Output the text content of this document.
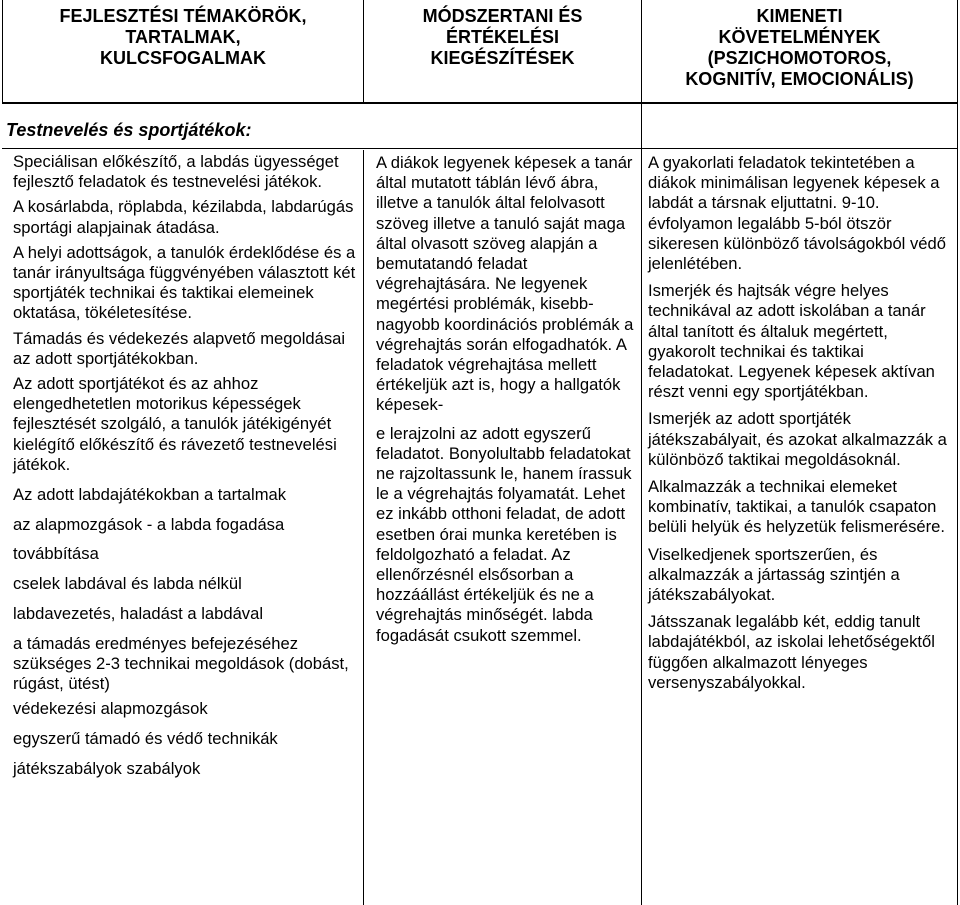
FEJLESZTÉSI TÉMAKÖRÖK,
TARTALMAK,
KULCSFOGALMAK
MÓDSZERTANI ÉS
ÉRTÉKELÉSI
KIEGÉSZÍTÉSEK
KIMENETI
KÖVETELMÉNYEK
(PSZICHOMOTOROS,
KOGNITÍV, EMOCIONÁLIS)
Testnevelés és sportjátékok:

Speciálisan előkészítő, a labdás ügyességet fejlesztő feladatok és testnevelési játékok.

A kosárlabda, röplabda, kézilabda, labdarúgás sportági alapjainak átadása.

A helyi adottságok, a tanulók érdeklődése és a tanár irányultsága függvényében választott két sportjáték technikai és taktikai elemeinek oktatása, tökéletesítése.

Támadás és védekezés alapvető megoldásai az adott sportjátékokban.

Az adott sportjátékot és az ahhoz elengedhetetlen motorikus képességek fejlesztését szolgáló, a tanulók játékigényét kielégítő előkészítő és rávezető testnevelési játékok.

Az adott labdajátékokban a tartalmak

az alapmozgások - a labda fogadása

továbbítása

cselek labdával és labda nélkül

labdavezetés, haladást a labdával

a támadás eredményes befejezéséhez szükséges 2-3 technikai megoldások (dobást, rúgást, ütést)

védekezési alapmozgások

egyszerű támadó és védő technikák

játékszabályok szabályok

A diákok legyenek képesek a tanár által mutatott táblán lévő ábra, illetve a tanulók által felolvasott szöveg illetve a tanuló saját maga által olvasott szöveg alapján a bemutatandó feladat végrehajtására. Ne legyenek megértési problémák, kisebb-nagyobb koordinációs problémák a végrehajtás során elfogadhatók. A feladatok végrehajtása mellett értékeljük azt is, hogy a hallgatók képesek-

e lerajzolni az adott egyszerű feladatot. Bonyolultabb feladatokat ne rajzoltassunk le, hanem írassuk le a végrehajtás folyamatát. Lehet ez inkább otthoni feladat, de adott esetben órai munka keretében is feldolgozható a feladat. Az ellenőrzésnél elsősorban a hozzáállást értékeljük és ne a végrehajtás minőségét. labda fogadását csukott szemmel.

A gyakorlati feladatok tekintetében a diákok minimálisan legyenek képesek a labdát a társnak eljuttatni. 9-10. évfolyamon legalább 5-ból ötször sikeresen különböző távolságokból védő jelenlétében.

Ismerjék és hajtsák végre helyes technikával az adott iskolában a tanár által tanított és általuk megértett, gyakorolt technikai és taktikai feladatokat. Legyenek képesek aktívan részt venni egy sportjátékban.

Ismerjék az adott sportjáték játékszabályait, és azokat alkalmazzák a különböző taktikai megoldásoknál.

Alkalmazzák a technikai elemeket kombinatív, taktikai, a tanulók csapaton belüli helyük és helyzetük felismerésére.

Viselkedjenek sportszerűen, és alkalmazzák a jártasság szintjén a játékszabályokat.

Játsszanak legalább két, eddig tanult labdajátékból, az iskolai lehetőségektől függően alkalmazott lényeges versenyszabályokkal.
